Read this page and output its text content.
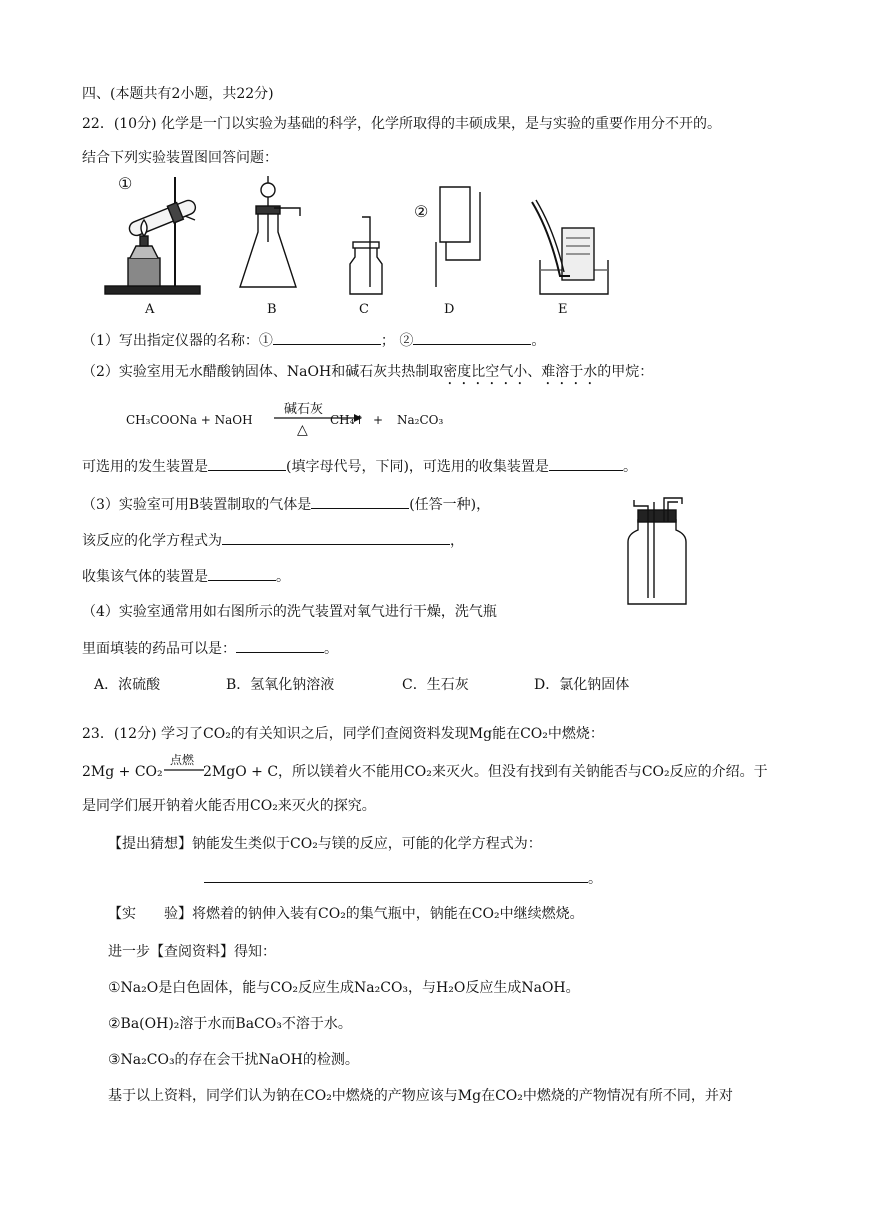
四、(本题共有2小题，共22分)
22．(10分) 化学是一门以实验为基础的科学，化学所取得的丰硕成果，是与实验的重要作用分不开的。
结合下列实验装置图回答问题：
①
②
A	B	C	D	E
（1）写出指定仪器的名称：①	； ②	。
（2）实验室用无水醋酸钠固体、NaOH和碱石灰共热制取密度比空气小、难溶于水的甲烷：
CH₃COONa + NaOH
碱石灰
△
CH₄↑ + Na₂CO₃
可选用的发生装置是	(填字母代号，下同)，可选用的收集装置是	。
（3）实验室可用B装置制取的气体是	(任答一种)，
该反应的化学方程式为	，
收集该气体的装置是	。
（4）实验室通常用如右图所示的洗气装置对氧气进行干燥，洗气瓶
里面填装的药品可以是：	。
A．浓硫酸	B．氢氧化钠溶液	C．生石灰	D．氯化钠固体
23．(12分) 学习了CO₂的有关知识之后，同学们查阅资料发现Mg能在CO₂中燃烧：
2Mg + CO₂
点燃
2MgO + C，所以镁着火不能用CO₂来灭火。但没有找到有关钠能否与CO₂反应的介绍。于
是同学们展开钠着火能否用CO₂来灭火的探究。
【提出猜想】钠能发生类似于CO₂与镁的反应，可能的化学方程式为：
。
【实　　验】将燃着的钠伸入装有CO₂的集气瓶中，钠能在CO₂中继续燃烧。
进一步【查阅资料】得知：
①Na₂O是白色固体，能与CO₂反应生成Na₂CO₃，与H₂O反应生成NaOH。
②Ba(OH)₂溶于水而BaCO₃不溶于水。
③Na₂CO₃的存在会干扰NaOH的检测。
基于以上资料，同学们认为钠在CO₂中燃烧的产物应该与Mg在CO₂中燃烧的产物情况有所不同，并对
